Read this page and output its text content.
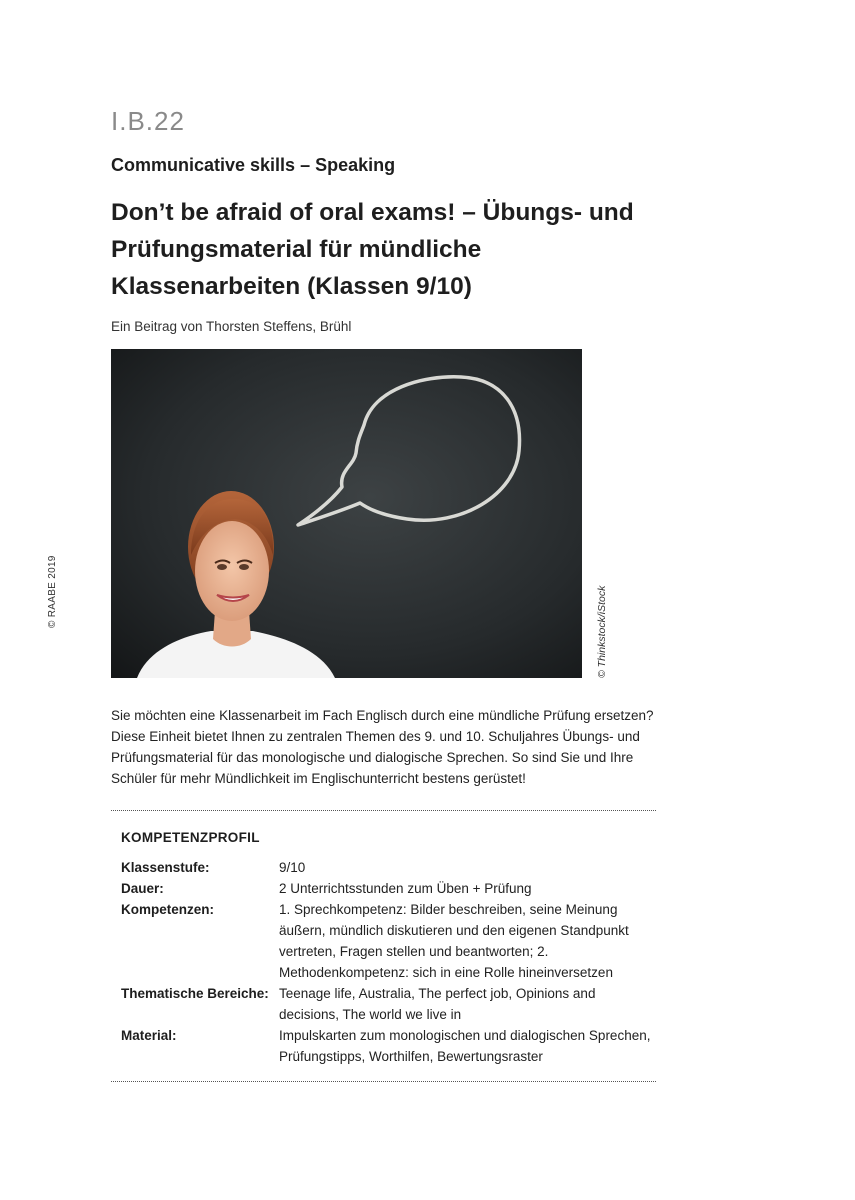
I.B.22
Communicative skills – Speaking
Don’t be afraid of oral exams! – Übungs- und Prüfungsmaterial für mündliche Klassenarbeiten (Klassen 9/10)
Ein Beitrag von Thorsten Steffens, Brühl
© Thinkstock/iStock
© RAABE 2019

Sie möchten eine Klassenarbeit im Fach Englisch durch eine mündliche Prüfung ersetzen? Diese Einheit bietet Ihnen zu zentralen Themen des 9. und 10. Schuljahres Übungs- und Prüfungsmaterial für das monologische und dialogische Sprechen. So sind Sie und Ihre Schüler für mehr Mündlichkeit im Englischunterricht bestens gerüstet!

KOMPETENZPROFIL
Klassenstufe:	9/10
Dauer:	2 Unterrichtsstunden zum Üben + Prüfung
Kompetenzen:	1. Sprechkompetenz: Bilder beschreiben, seine Meinung äußern, mündlich diskutieren und den eigenen Standpunkt vertreten, Fragen stellen und beantworten; 2. Methodenkompetenz: sich in eine Rolle hineinversetzen
Thematische Bereiche: Teenage life, Australia, The perfect job, Opinions and decisions, The world we live in
Material:	Impulskarten zum monologischen und dialogischen Sprechen, Prüfungstipps, Worthilfen, Bewertungsraster
